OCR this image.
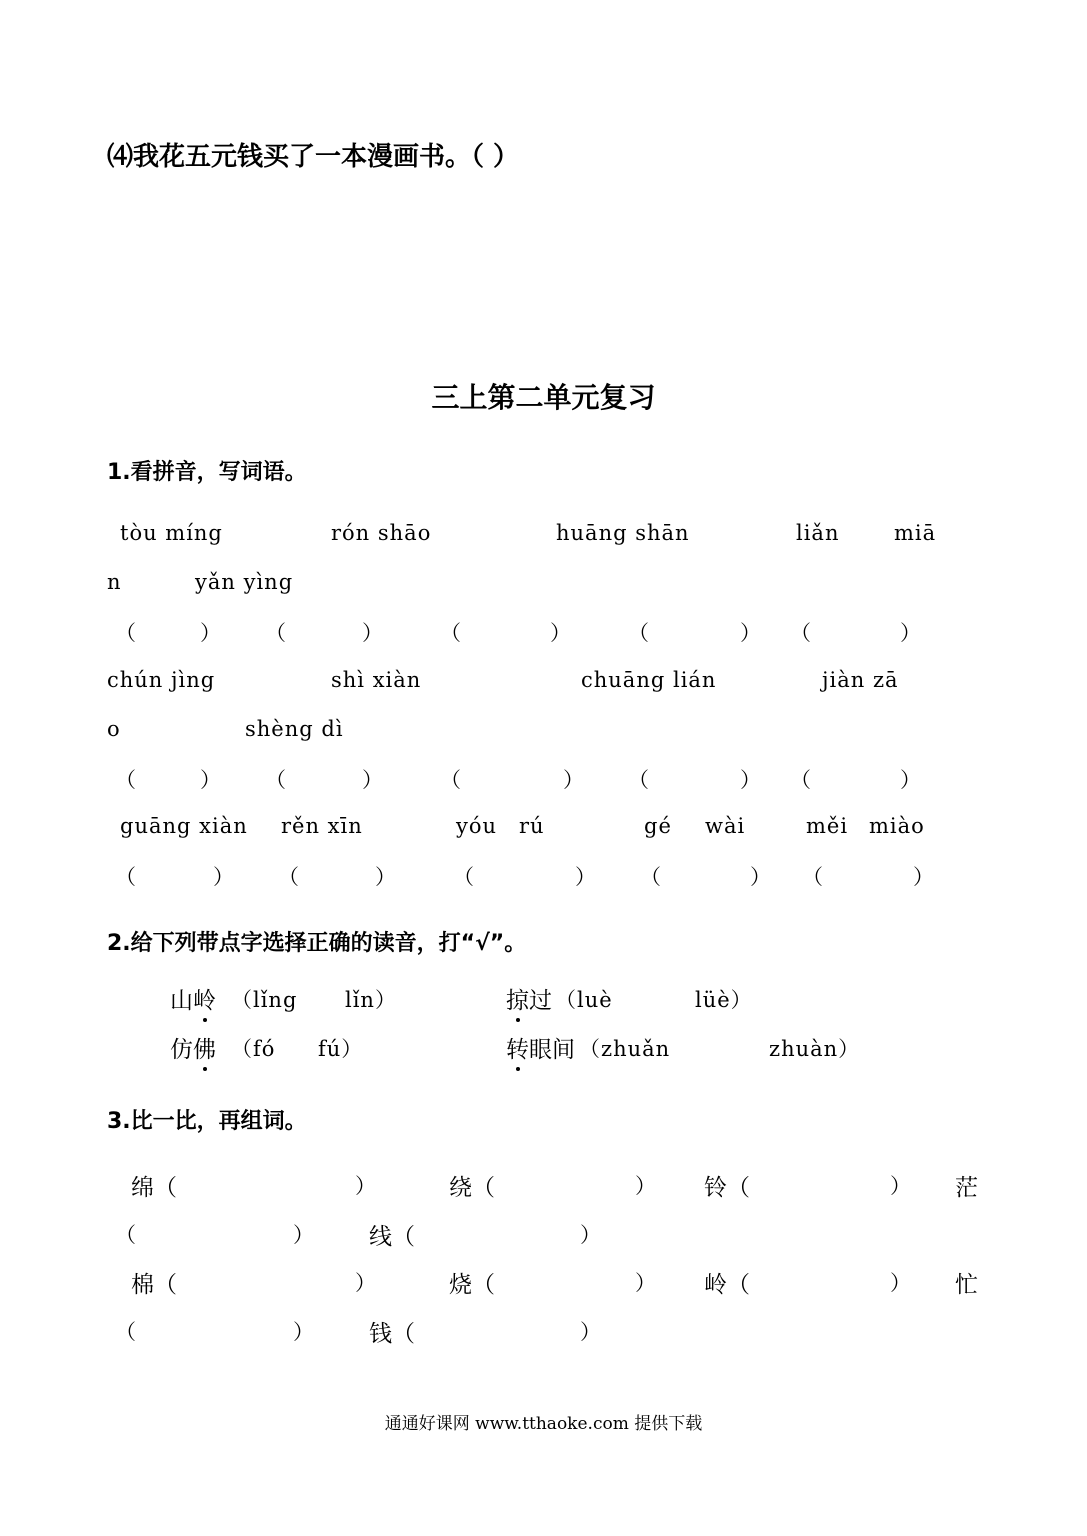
⑷我花五元钱买了一本漫画书。（ ）
三上第二单元复习
1.看拼音，写词语。
tòu míng	rón shāo	huāng shān	liǎn	miā
n	yǎn yìng
（	） （	）	（	）	（	） （	）
chún jìng	shì xiàn	chuāng lián	jiàn zā
o	shèng dì
（	） （	）	（	） （	） （	）
guāng xiàn rěn xīn	yóu rú	gé wài	měi miào
（	） （	）	（	） （	） （	）
2.给下列带点字选择正确的读音，打“√”。
山岭 （lǐng lǐn）	掠过 （luè	lüè）
仿佛 （fó fú）	转眼间 （zhuǎn	zhuàn）
3.比一比，再组词。
绵（	）	绕（	） 铃（	） 茫
（	） 线（	）
棉（	）	烧（	） 岭（	） 忙
（	） 钱（	）
通通好课网 www.tthaoke.com 提供下载
